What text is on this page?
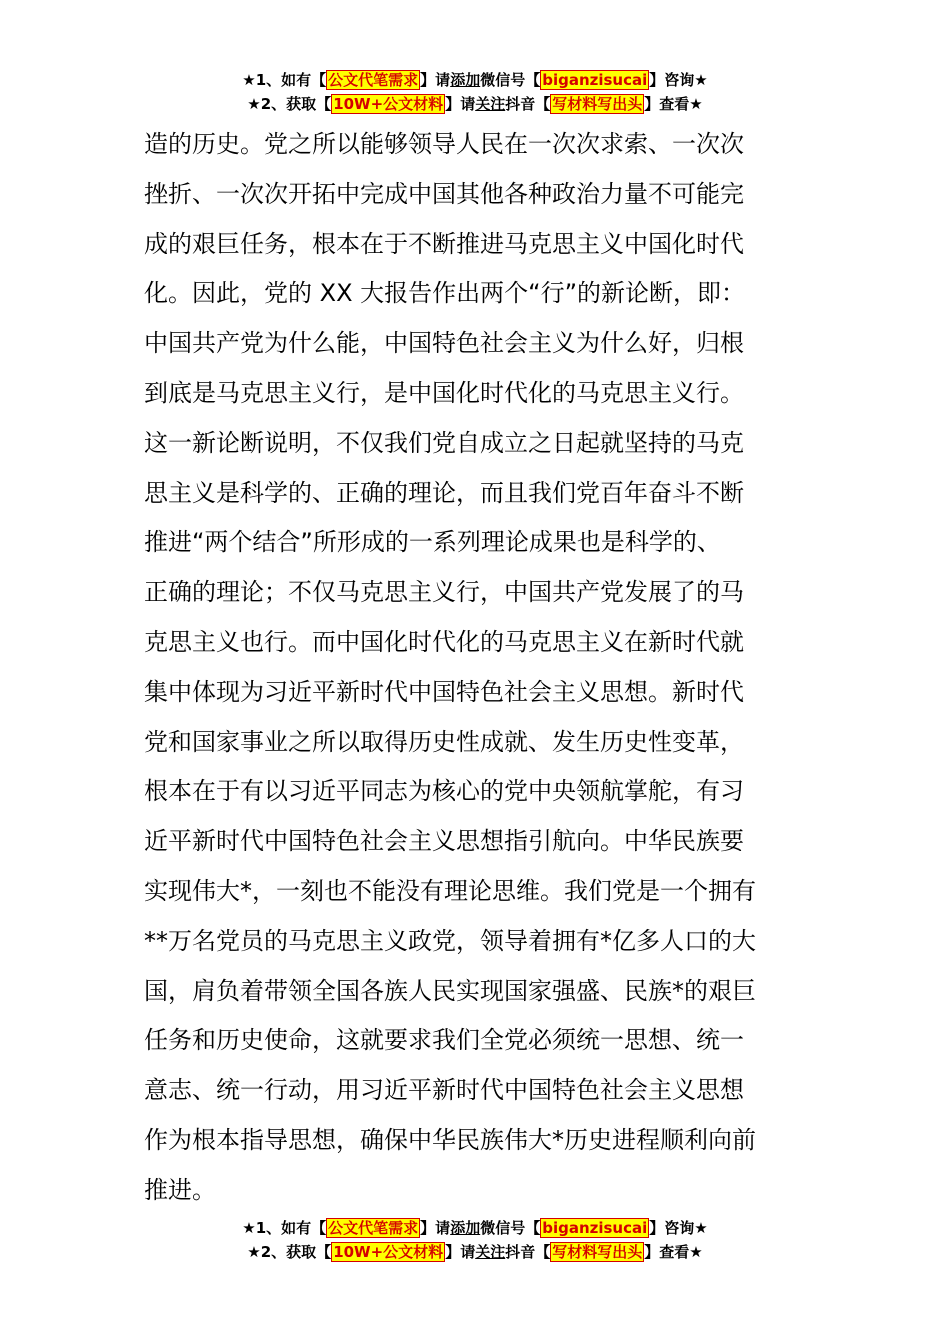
★1、如有【 公文代笔需求 】请添加微信号【 biganzisucai 】咨询★
★2、获取【 10W+公文材料 】请关注抖音【 写材料写出头 】查看★
造的历史。党之所以能够领导人民在一次次求索、一次次
挫折、一次次开拓中完成中国其他各种政治力量不可能完
成的艰巨任务，根本在于不断推进马克思主义中国化时代
化。因此，党的 XX 大报告作出两个“行”的新论断，即：
中国共产党为什么能，中国特色社会主义为什么好，归根
到底是马克思主义行，是中国化时代化的马克思主义行。
这一新论断说明，不仅我们党自成立之日起就坚持的马克
思主义是科学的、正确的理论，而且我们党百年奋斗不断
推进“两个结合”所形成的一系列理论成果也是科学的、
正确的理论；不仅马克思主义行，中国共产党发展了的马
克思主义也行。而中国化时代化的马克思主义在新时代就
集中体现为习近平新时代中国特色社会主义思想。新时代
党和国家事业之所以取得历史性成就、发生历史性变革，
根本在于有以习近平同志为核心的党中央领航掌舵，有习
近平新时代中国特色社会主义思想指引航向。中华民族要
实现伟大*，一刻也不能没有理论思维。我们党是一个拥有
**万名党员的马克思主义政党，领导着拥有*亿多人口的大
国，肩负着带领全国各族人民实现国家强盛、民族*的艰巨
任务和历史使命，这就要求我们全党必须统一思想、统一
意志、统一行动，用习近平新时代中国特色社会主义思想
作为根本指导思想，确保中华民族伟大*历史进程顺利向前
推进。
★1、如有【 公文代笔需求 】请添加微信号【 biganzisucai 】咨询★
★2、获取【 10W+公文材料 】请关注抖音【 写材料写出头 】查看★
